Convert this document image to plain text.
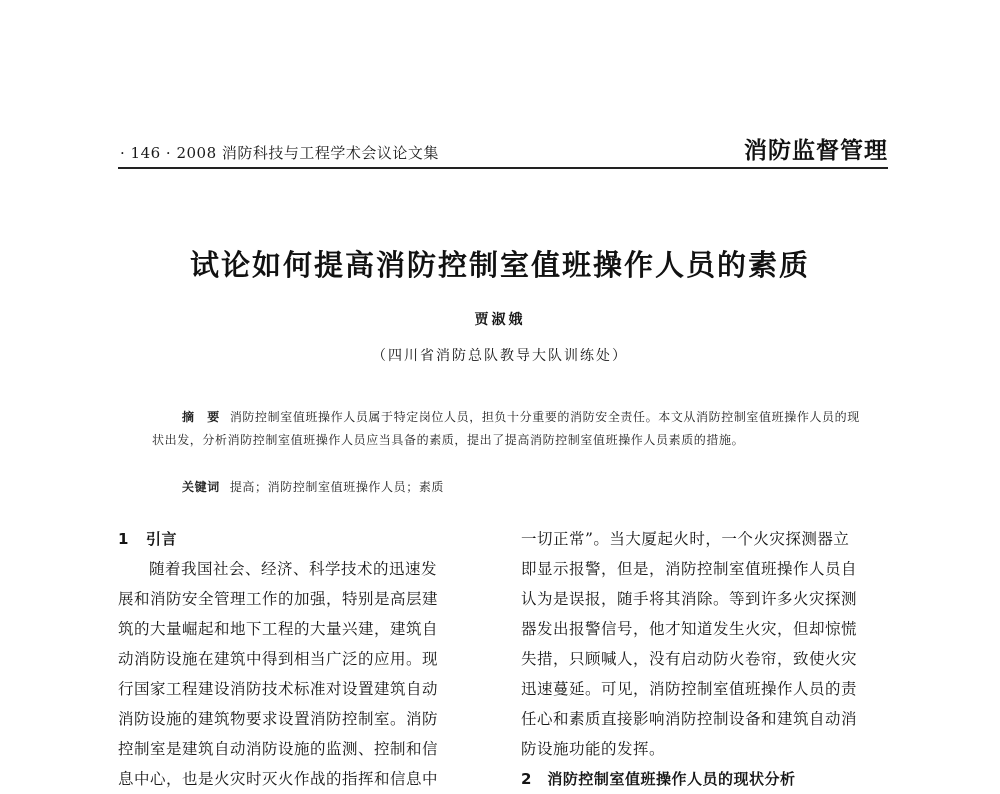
· 146 · 2008 消防科技与工程学术会议论文集	消防监督管理
试论如何提高消防控制室值班操作人员的素质
贾淑娥
（四川省消防总队教导大队训练处）
摘　要 消防控制室值班操作人员属于特定岗位人员，担负十分重要的消防安全责任。本文从消防控制室值班操作人员的现状出发，分析消防控制室值班操作人员应当具备的素质，提出了提高消防控制室值班操作人员素质的措施。
关键词 提高；消防控制室值班操作人员；素质
1 引言
随着我国社会、经济、科学技术的迅速发
展和消防安全管理工作的加强，特别是高层建
筑的大量崛起和地下工程的大量兴建，建筑自
动消防设施在建筑中得到相当广泛的应用。现
行国家工程建设消防技术标准对设置建筑自动
消防设施的建筑物要求设置消防控制室。消防
控制室是建筑自动消防设施的监测、控制和信
息中心，也是火灾时灭火作战的指挥和信息中
一切正常”。当大厦起火时，一个火灾探测器立
即显示报警，但是，消防控制室值班操作人员自
认为是误报，随手将其消除。等到许多火灾探测
器发出报警信号，他才知道发生火灾，但却惊慌
失措，只顾喊人，没有启动防火卷帘，致使火灾
迅速蔓延。可见，消防控制室值班操作人员的责
任心和素质直接影响消防控制设备和建筑自动消
防设施功能的发挥。
2　消防控制室值班操作人员的现状分析
